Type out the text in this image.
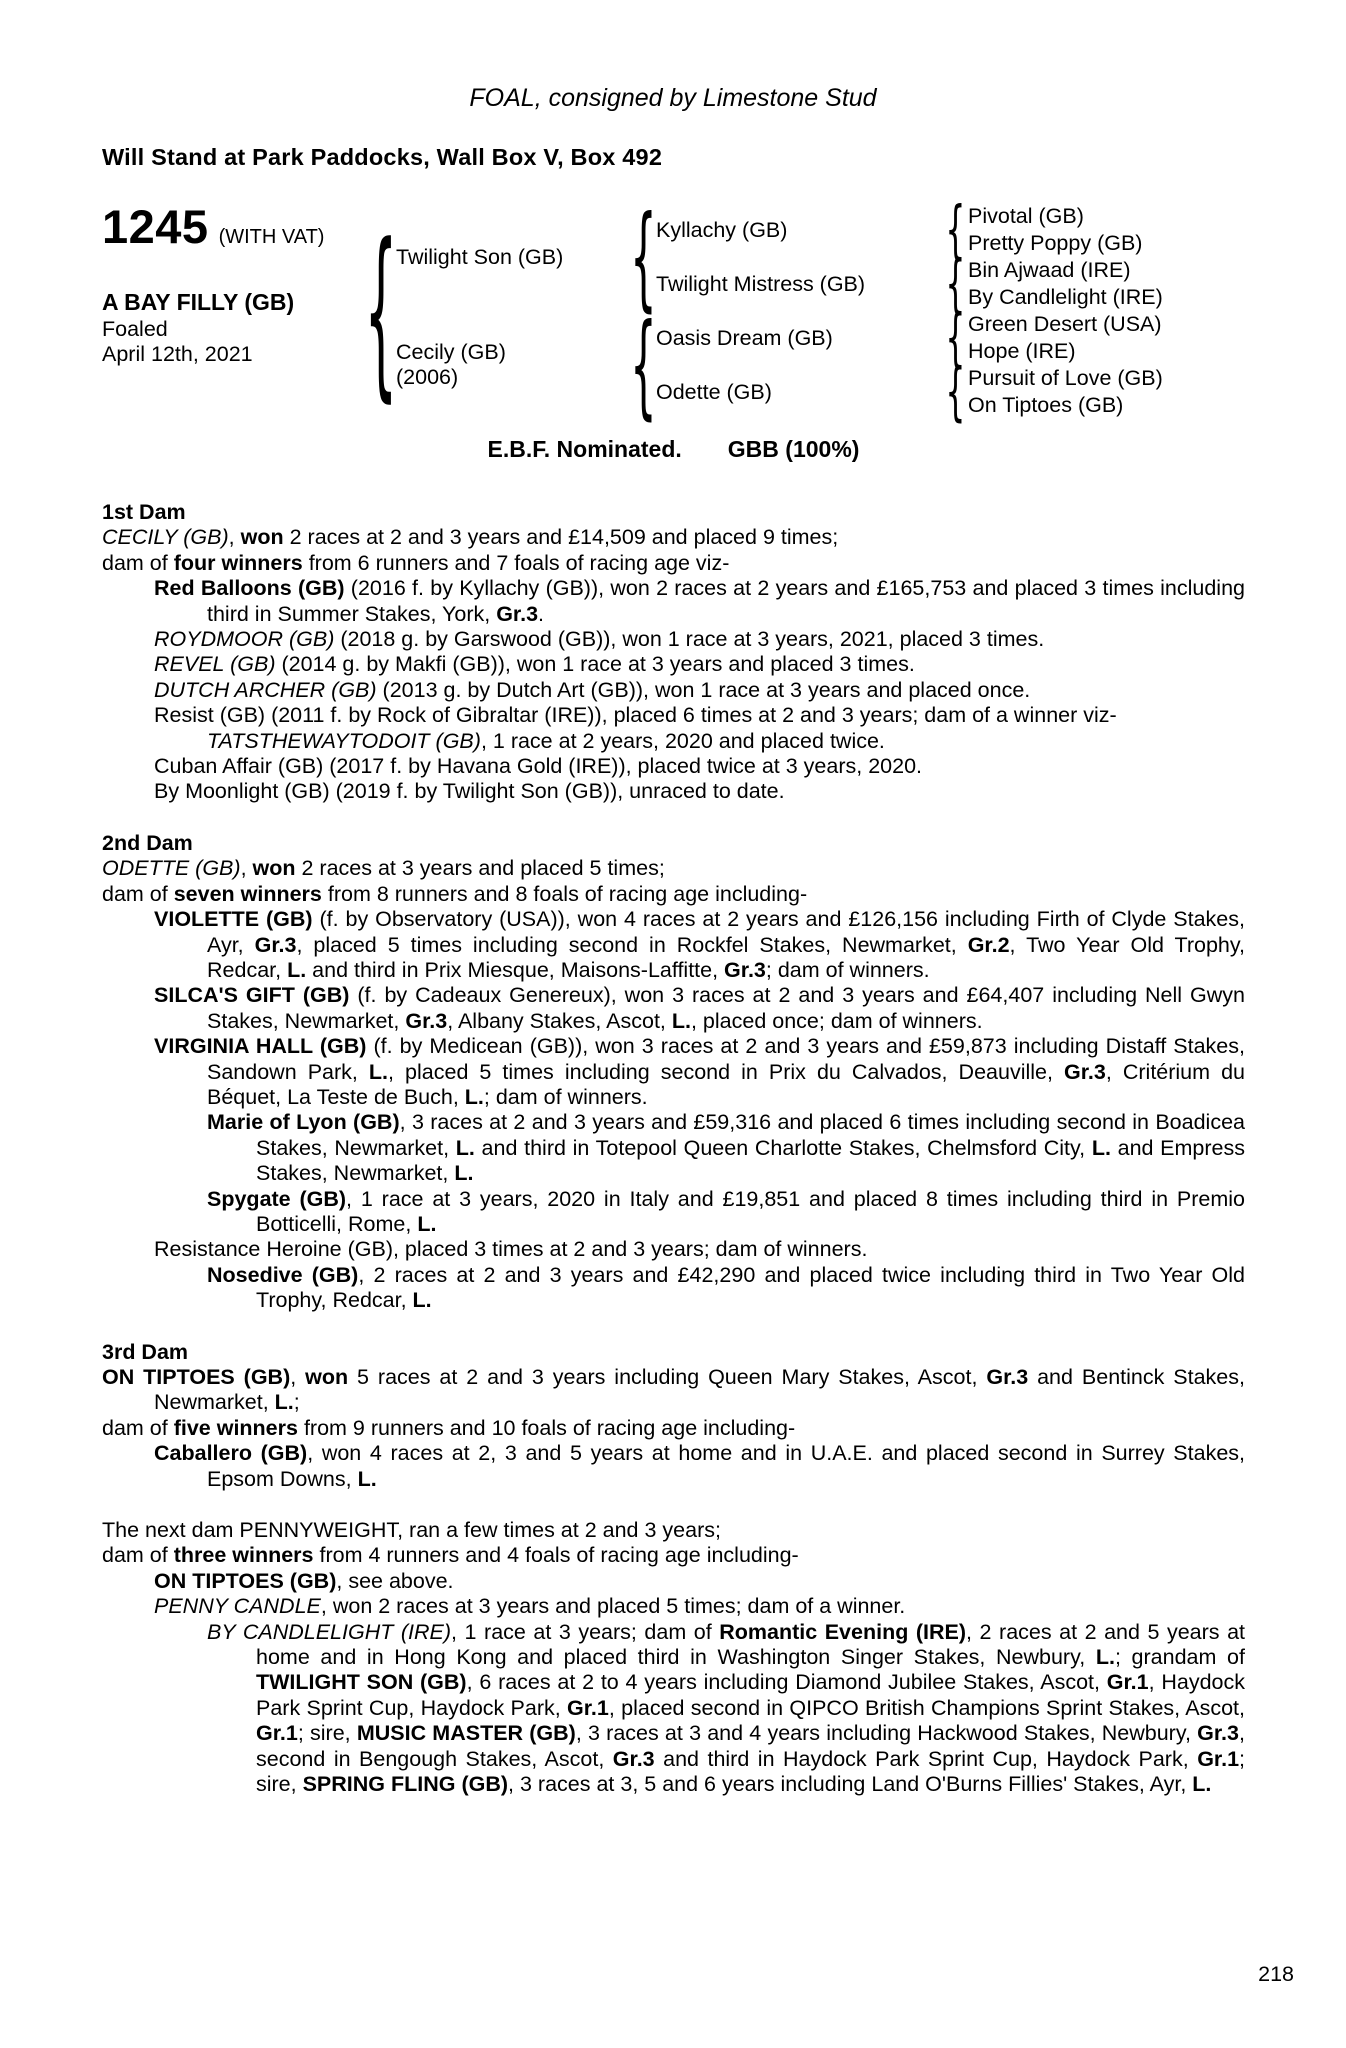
FOAL, consigned by Limestone Stud
Will Stand at Park Paddocks, Wall Box V, Box 492
1245 (WITH VAT)
A BAY FILLY (GB)
Foaled
April 12th, 2021 {
Twilight Son (GB)
Cecily (GB)
(2006)
{
{
Kyllachy (GB)
Twilight Mistress (GB)
Oasis Dream (GB)
Odette (GB)
{
{
{
{
Pivotal (GB)
Pretty Poppy (GB)
Bin Ajwaad (IRE)
By Candlelight (IRE)
Green Desert (USA)
Hope (IRE)
Pursuit of Love (GB)
On Tiptoes (GB)
E.B.F. Nominated. GBB (100%)
1st Dam
CECILY (GB), won 2 races at 2 and 3 years and £14,509 and placed 9 times;
dam of four winners from 6 runners and 7 foals of racing age viz-
Red Balloons (GB) (2016 f. by Kyllachy (GB)), won 2 races at 2 years and £165,753 and placed 3 times including third in Summer Stakes, York, Gr.3.
ROYDMOOR (GB) (2018 g. by Garswood (GB)), won 1 race at 3 years, 2021, placed 3 times.
REVEL (GB) (2014 g. by Makfi (GB)), won 1 race at 3 years and placed 3 times.
DUTCH ARCHER (GB) (2013 g. by Dutch Art (GB)), won 1 race at 3 years and placed once.
Resist (GB) (2011 f. by Rock of Gibraltar (IRE)), placed 6 times at 2 and 3 years; dam of a winner viz-
TATSTHEWAYTODOIT (GB), 1 race at 2 years, 2020 and placed twice.
Cuban Affair (GB) (2017 f. by Havana Gold (IRE)), placed twice at 3 years, 2020.
By Moonlight (GB) (2019 f. by Twilight Son (GB)), unraced to date.
2nd Dam
ODETTE (GB), won 2 races at 3 years and placed 5 times;
dam of seven winners from 8 runners and 8 foals of racing age including-
VIOLETTE (GB) (f. by Observatory (USA)), won 4 races at 2 years and £126,156 including Firth of Clyde Stakes, Ayr, Gr.3, placed 5 times including second in Rockfel Stakes, Newmarket, Gr.2, Two Year Old Trophy, Redcar, L. and third in Prix Miesque, Maisons-Laffitte, Gr.3; dam of winners.
SILCA'S GIFT (GB) (f. by Cadeaux Genereux), won 3 races at 2 and 3 years and £64,407 including Nell Gwyn Stakes, Newmarket, Gr.3, Albany Stakes, Ascot, L., placed once; dam of winners.
VIRGINIA HALL (GB) (f. by Medicean (GB)), won 3 races at 2 and 3 years and £59,873 including Distaff Stakes, Sandown Park, L., placed 5 times including second in Prix du Calvados, Deauville, Gr.3, Critérium du Béquet, La Teste de Buch, L.; dam of winners.
Marie of Lyon (GB), 3 races at 2 and 3 years and £59,316 and placed 6 times including second in Boadicea Stakes, Newmarket, L. and third in Totepool Queen Charlotte Stakes, Chelmsford City, L. and Empress Stakes, Newmarket, L.
Spygate (GB), 1 race at 3 years, 2020 in Italy and £19,851 and placed 8 times including third in Premio Botticelli, Rome, L.
Resistance Heroine (GB), placed 3 times at 2 and 3 years; dam of winners.
Nosedive (GB), 2 races at 2 and 3 years and £42,290 and placed twice including third in Two Year Old Trophy, Redcar, L.
3rd Dam
ON TIPTOES (GB), won 5 races at 2 and 3 years including Queen Mary Stakes, Ascot, Gr.3 and Bentinck Stakes, Newmarket, L.;
dam of five winners from 9 runners and 10 foals of racing age including-
Caballero (GB), won 4 races at 2, 3 and 5 years at home and in U.A.E. and placed second in Surrey Stakes, Epsom Downs, L.
The next dam PENNYWEIGHT, ran a few times at 2 and 3 years;
dam of three winners from 4 runners and 4 foals of racing age including-
ON TIPTOES (GB), see above.
PENNY CANDLE, won 2 races at 3 years and placed 5 times; dam of a winner.
BY CANDLELIGHT (IRE), 1 race at 3 years; dam of Romantic Evening (IRE), 2 races at 2 and 5 years at home and in Hong Kong and placed third in Washington Singer Stakes, Newbury, L.; grandam of TWILIGHT SON (GB), 6 races at 2 to 4 years including Diamond Jubilee Stakes, Ascot, Gr.1, Haydock Park Sprint Cup, Haydock Park, Gr.1, placed second in QIPCO British Champions Sprint Stakes, Ascot, Gr.1; sire, MUSIC MASTER (GB), 3 races at 3 and 4 years including Hackwood Stakes, Newbury, Gr.3, second in Bengough Stakes, Ascot, Gr.3 and third in Haydock Park Sprint Cup, Haydock Park, Gr.1; sire, SPRING FLING (GB), 3 races at 3, 5 and 6 years including Land O'Burns Fillies' Stakes, Ayr, L.
218
